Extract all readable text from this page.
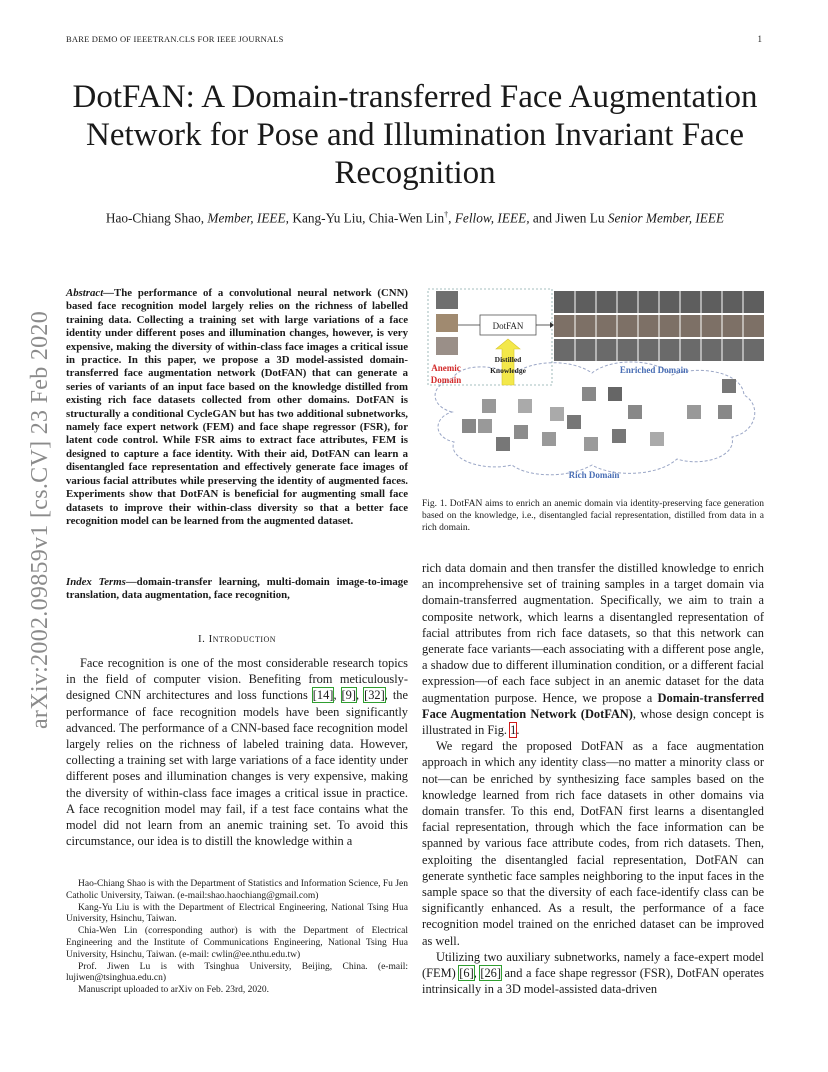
BARE DEMO OF IEEETRAN.CLS FOR IEEE JOURNALS	1
DotFAN: A Domain-transferred Face Augmentation Network for Pose and Illumination Invariant Face Recognition
Hao-Chiang Shao, Member, IEEE, Kang-Yu Liu, Chia-Wen Lin†, Fellow, IEEE, and Jiwen Lu Senior Member, IEEE
arXiv:2002.09859v1 [cs.CV] 23 Feb 2020
Abstract—The performance of a convolutional neural network (CNN) based face recognition model largely relies on the richness of labelled training data. Collecting a training set with large variations of a face identity under different poses and illumination changes, however, is very expensive, making the diversity of within-class face images a critical issue in practice. In this paper, we propose a 3D model-assisted domain-transferred face augmentation network (DotFAN) that can generate a series of variants of an input face based on the knowledge distilled from existing rich face datasets collected from other domains. DotFAN is structurally a conditional CycleGAN but has two additional subnetworks, namely face expert network (FEM) and face shape regressor (FSR), for latent code control. While FSR aims to extract face attributes, FEM is designed to capture a face identity. With their aid, DotFAN can learn a disentangled face representation and effectively generate face images of various facial attributes while preserving the identity of augmented faces. Experiments show that DotFAN is beneficial for augmenting small face datasets to improve their within-class diversity so that a better face recognition model can be learned from the augmented dataset.
Index Terms—domain-transfer learning, multi-domain image-to-image translation, data augmentation, face recognition,
I. Introduction
Face recognition is one of the most considerable research topics in the field of computer vision. Benefiting from meticulously-designed CNN architectures and loss functions [14], [9], [32], the performance of face recognition models have been significantly advanced. The performance of a CNN-based face recognition model largely relies on the richness of labeled training data. However, collecting a training set with large variations of a face identity under different poses and illumination changes is very expensive, making the diversity of within-class face images a critical issue in practice. A face recognition model may fail, if a test face contains what the model did not learn from an anemic training set. To avoid this circumstance, our idea is to distill the knowledge within a

Hao-Chiang Shao is with the Department of Statistics and Information Science, Fu Jen Catholic University, Taiwan. (e-mail:shao.haochiang@gmail.com)

Kang-Yu Liu is with the Department of Electrical Engineering, National Tsing Hua University, Hsinchu, Taiwan.

Chia-Wen Lin (corresponding author) is with the Department of Electrical Engineering and the Institute of Communications Engineering, National Tsing Hua University, Hsinchu, Taiwan. (e-mail: cwlin@ee.nthu.edu.tw)

Prof. Jiwen Lu is with Tsinghua University, Beijing, China. (e-mail: lujiwen@tsinghua.edu.cn)

Manuscript uploaded to arXiv on Feb. 23rd, 2020.

DotFAN
Distilled
Knowledge
Anemic
Domain
Enriched Domain
Rich Domain
Fig. 1. DotFAN aims to enrich an anemic domain via identity-preserving face generation based on the knowledge, i.e., disentangled facial representation, distilled from data in a rich domain.

rich data domain and then transfer the distilled knowledge to enrich an incomprehensive set of training samples in a target domain via domain-transferred augmentation. Specifically, we aim to train a composite network, which learns a disentangled representation of facial attributes from rich face datasets, so that this network can generate face variants—each associating with a different pose angle, a shadow due to different illumination condition, or a different facial expression—of each face subject in an anemic dataset for the data augmentation purpose. Hence, we propose a Domain-transferred Face Augmentation Network (DotFAN), whose design concept is illustrated in Fig. 1.

We regard the proposed DotFAN as a face augmentation approach in which any identity class—no matter a minority class or not—can be enriched by synthesizing face samples based on the knowledge learned from rich face datasets in other domains via domain transfer. To this end, DotFAN first learns a disentangled facial representation, through which the face information can be spanned by various face attribute codes, from rich datasets. Then, exploiting the disentangled facial representation, DotFAN can generate synthetic face samples neighboring to the input faces in the sample space so that the diversity of each face-identify class can be significantly enhanced. As a result, the performance of a face recognition model trained on the enriched dataset can be improved as well.

Utilizing two auxiliary subnetworks, namely a face-expert model (FEM) [6], [26] and a face shape regressor (FSR), DotFAN operates intrinsically in a 3D model-assisted data-driven
